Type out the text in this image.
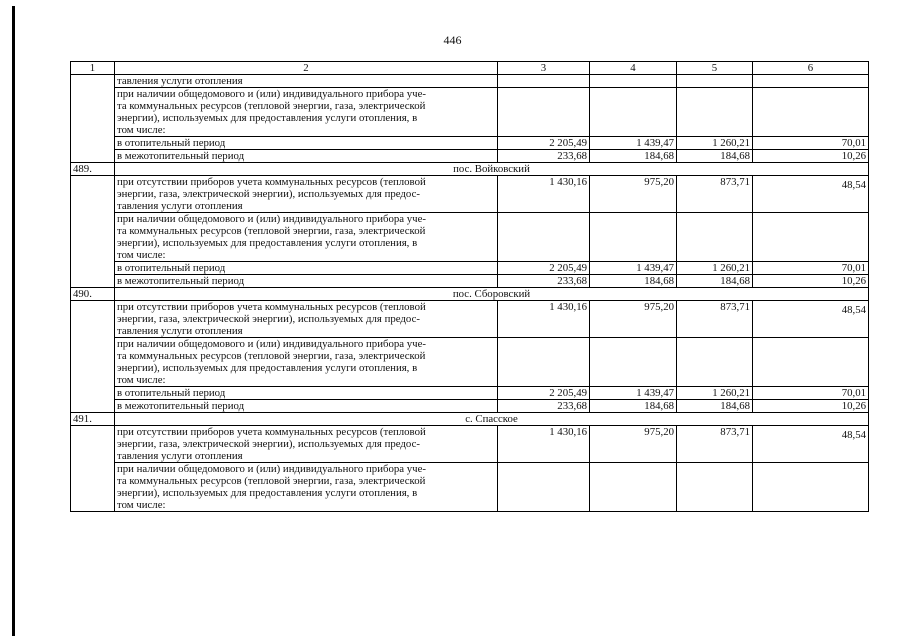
446
1	2	3	4	5	6
	тавления услуги отопления				

	при наличии общедомового и (или) индивидуального прибора уче-
та коммунальных ресурсов (тепловой энергии, газа, электрической
энергии), используемых для предоставления услуги отопления, в
том числе:				

	в отопительный период	2 205,49	1 439,47	1 260,21	70,01
	в межотопительный период	233,68	184,68	184,68	10,26
489.	пос. Войковский				

	при отсутствии приборов учета коммунальных ресурсов (тепловой
энергии, газа, электрической энергии), используемых для предос-
тавления услуги отопления	1 430,16	975,20	873,71	48,54

	при наличии общедомового и (или) индивидуального прибора уче-
та коммунальных ресурсов (тепловой энергии, газа, электрической
энергии), используемых для предоставления услуги отопления, в
том числе:				

	в отопительный период	2 205,49	1 439,47	1 260,21	70,01
	в межотопительный период	233,68	184,68	184,68	10,26
490.	пос. Сборовский				

	при отсутствии приборов учета коммунальных ресурсов (тепловой
энергии, газа, электрической энергии), используемых для предос-
тавления услуги отопления	1 430,16	975,20	873,71	48,54

	при наличии общедомового и (или) индивидуального прибора уче-
та коммунальных ресурсов (тепловой энергии, газа, электрической
энергии), используемых для предоставления услуги отопления, в
том числе:				

	в отопительный период	2 205,49	1 439,47	1 260,21	70,01
	в межотопительный период	233,68	184,68	184,68	10,26
491.	с. Спасское				

	при отсутствии приборов учета коммунальных ресурсов (тепловой
энергии, газа, электрической энергии), используемых для предос-
тавления услуги отопления	1 430,16	975,20	873,71	48,54

	при наличии общедомового и (или) индивидуального прибора уче-
та коммунальных ресурсов (тепловой энергии, газа, электрической
энергии), используемых для предоставления услуги отопления, в
том числе:				
